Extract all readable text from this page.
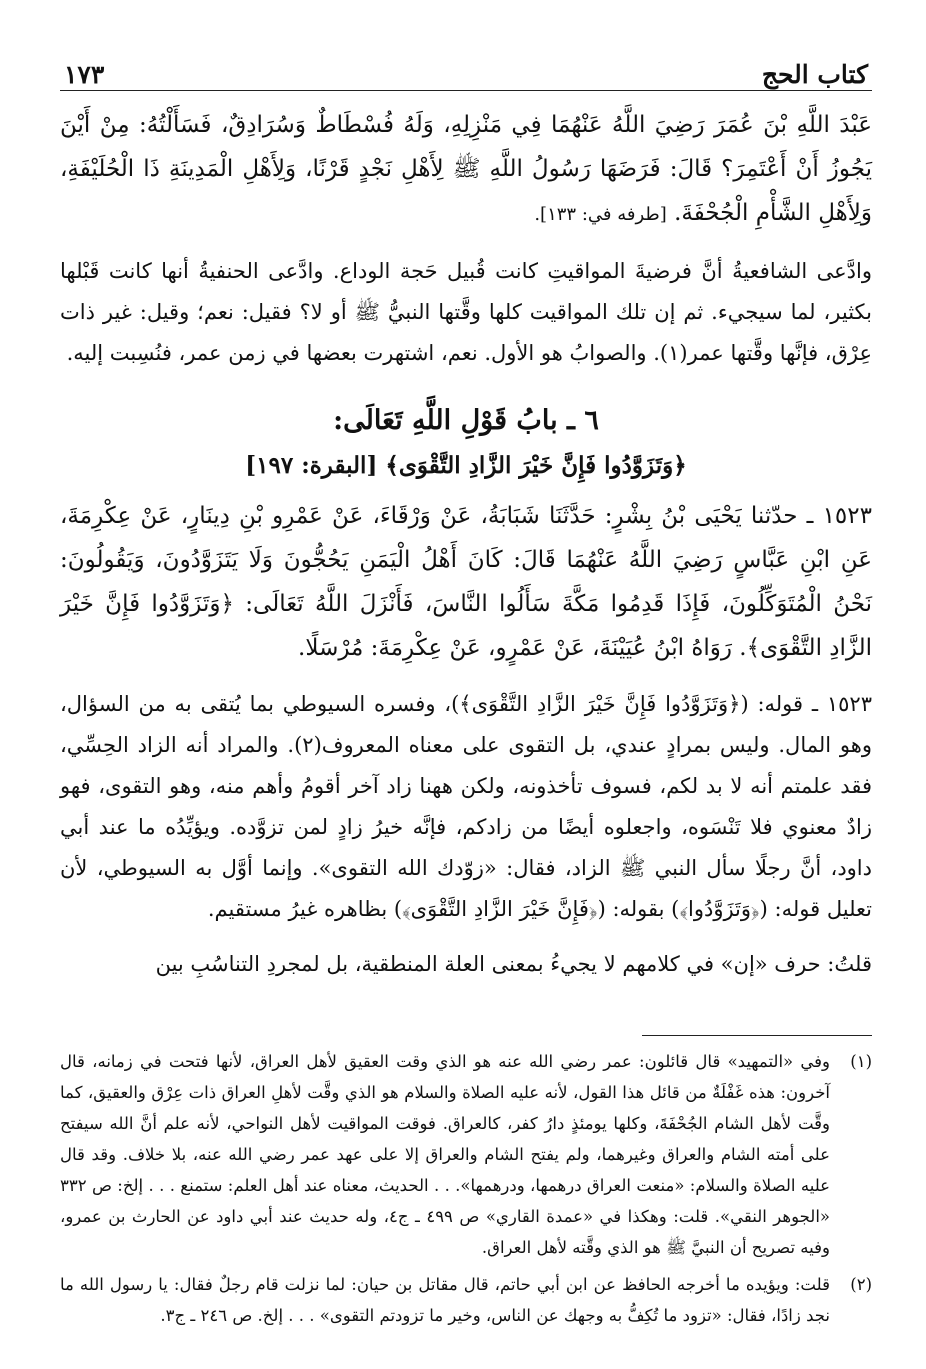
كتاب الحج
١٧٣

عَبْدَ اللَّهِ بْنَ عُمَرَ رَضِيَ اللَّهُ عَنْهُمَا فِي مَنْزِلِهِ، وَلَهُ فُسْطَاطٌ وَسُرَادِقٌ، فَسَأَلْتُهُ: مِنْ أَيْنَ يَجُوزُ أَنْ أَعْتَمِرَ؟ قَالَ: فَرَضَهَا رَسُولُ اللَّهِ ﷺ لِأَهْلِ نَجْدٍ قَرْنًا، وَلِأَهْلِ الْمَدِينَةِ ذَا الْحُلَيْفَةِ، وَلِأَهْلِ الشَّأْمِ الْجُحْفَةَ. [طرفه في: ١٣٣].

وادَّعى الشافعيةُ أنَّ فرضيةَ المواقيتِ كانت قُبيل حَجة الوداع. وادَّعى الحنفيةُ أنها كانت قَبْلها بكثير، لما سيجيء. ثم إن تلك المواقيت كلها وقَّتها النبيُّ ﷺ أو لا؟ فقيل: نعم؛ وقيل: غير ذات عِرْق، فإنَّها وقَّتها عمر(١). والصوابُ هو الأول. نعم، اشتهرت بعضها في زمن عمر، فنُسِبت إليه.

٦ ـ بابُ قَوْلِ اللَّهِ تَعَالَى:
﴿وَتَزَوَّدُوا فَإِنَّ خَيْرَ الزَّادِ التَّقْوَى﴾ [البقرة: ١٩٧]

١٥٢٣ ـ حدّثنا يَحْيَى بْنُ بِشْرٍ: حَدَّثَنَا شَبَابَةُ، عَنْ وَرْقَاءَ، عَنْ عَمْرِو بْنِ دِينَارٍ، عَنْ عِكْرِمَةَ، عَنِ ابْنِ عَبَّاسٍ رَضِيَ اللَّهُ عَنْهُمَا قَالَ: كَانَ أَهْلُ الْيَمَنِ يَحُجُّونَ وَلَا يَتَزَوَّدُونَ، وَيَقُولُونَ: نَحْنُ الْمُتَوَكِّلُونَ، فَإِذَا قَدِمُوا مَكَّةَ سَأَلُوا النَّاسَ، فَأَنْزَلَ اللَّهُ تَعَالَى: ﴿وَتَزَوَّدُوا فَإِنَّ خَيْرَ الزَّادِ التَّقْوَى﴾. رَوَاهُ ابْنُ عُيَيْنَةَ، عَنْ عَمْرٍو، عَنْ عِكْرِمَةَ: مُرْسَلًا.

١٥٢٣ ـ قوله: (﴿وَتَزَوَّدُوا فَإِنَّ خَيْرَ الزَّادِ التَّقْوَى﴾)، وفسره السيوطي بما يُتقى به من السؤال، وهو المال. وليس بمرادٍ عندي، بل التقوى على معناه المعروف(٢). والمراد أنه الزاد الحِسِّي، فقد علمتم أنه لا بد لكم، فسوف تأخذونه، ولكن ههنا زاد آخر أقومُ وأهم منه، وهو التقوى، فهو زادٌ معنوي فلا تَنْسَوه، واجعلوه أيضًا من زادكم، فإنَّه خيرُ زادٍ لمن تزوَّده. ويؤيِّدُه ما عند أبي داود، أنَّ رجلًا سأل النبي ﷺ الزاد، فقال: «زوّدك الله التقوى». وإنما أوَّل به السيوطي، لأن تعليل قوله: (﴿وَتَزَوَّدُوا﴾) بقوله: (﴿فَإِنَّ خَيْرَ الزَّادِ التَّقْوَى﴾) بظاهره غيرُ مستقيم.

قلتُ: حرف «إن» في كلامهم لا يجيءُ بمعنى العلة المنطقية، بل لمجردِ التناسُبِ بين

(١)
وفي «التمهيد» قال قائلون: عمر رضي الله عنه هو الذي وقت العقيق لأهل العراق، لأنها فتحت في زمانه، قال آخرون: هذه غَفْلَةٌ من قائل هذا القول، لأنه عليه الصلاة والسلام هو الذي وقَّت لأهلِ العراق ذات عِرْق والعقيق، كما وقَّت لأهل الشام الجُحْفَةَ، وكلها يومئذٍ دارُ كفر، كالعراق. فوقت المواقيت لأهل النواحي، لأنه علم أنَّ الله سيفتح على أمته الشام والعراق وغيرهما، ولم يفتح الشام والعراق إلا على عهد عمر رضي الله عنه، بلا خلاف. وقد قال عليه الصلاة والسلام: «منعت العراق درهمها، ودرهمها». . . الحديث، معناه عند أهل العلم: ستمنع . . . إلخ: ص ٣٣٢ «الجوهر النقي». قلت: وهكذا في «عمدة القاري» ص ٤٩٩ ـ ج٤، وله حديث عند أبي داود عن الحارث بن عمرو، وفيه تصريح أن النبيَّ ﷺ هو الذي وقَّته لأهل العراق.
(٢)
قلت: ويؤيده ما أخرجه الحافظ عن ابن أبي حاتم، قال مقاتل بن حيان: لما نزلت قام رجلٌ فقال: يا رسول الله ما نجد زادًا، فقال: «تزود ما تُكِفُّ به وجهك عن الناس، وخير ما تزودتم التقوى» . . . إلخ. ص ٢٤٦ ـ ج٣.
